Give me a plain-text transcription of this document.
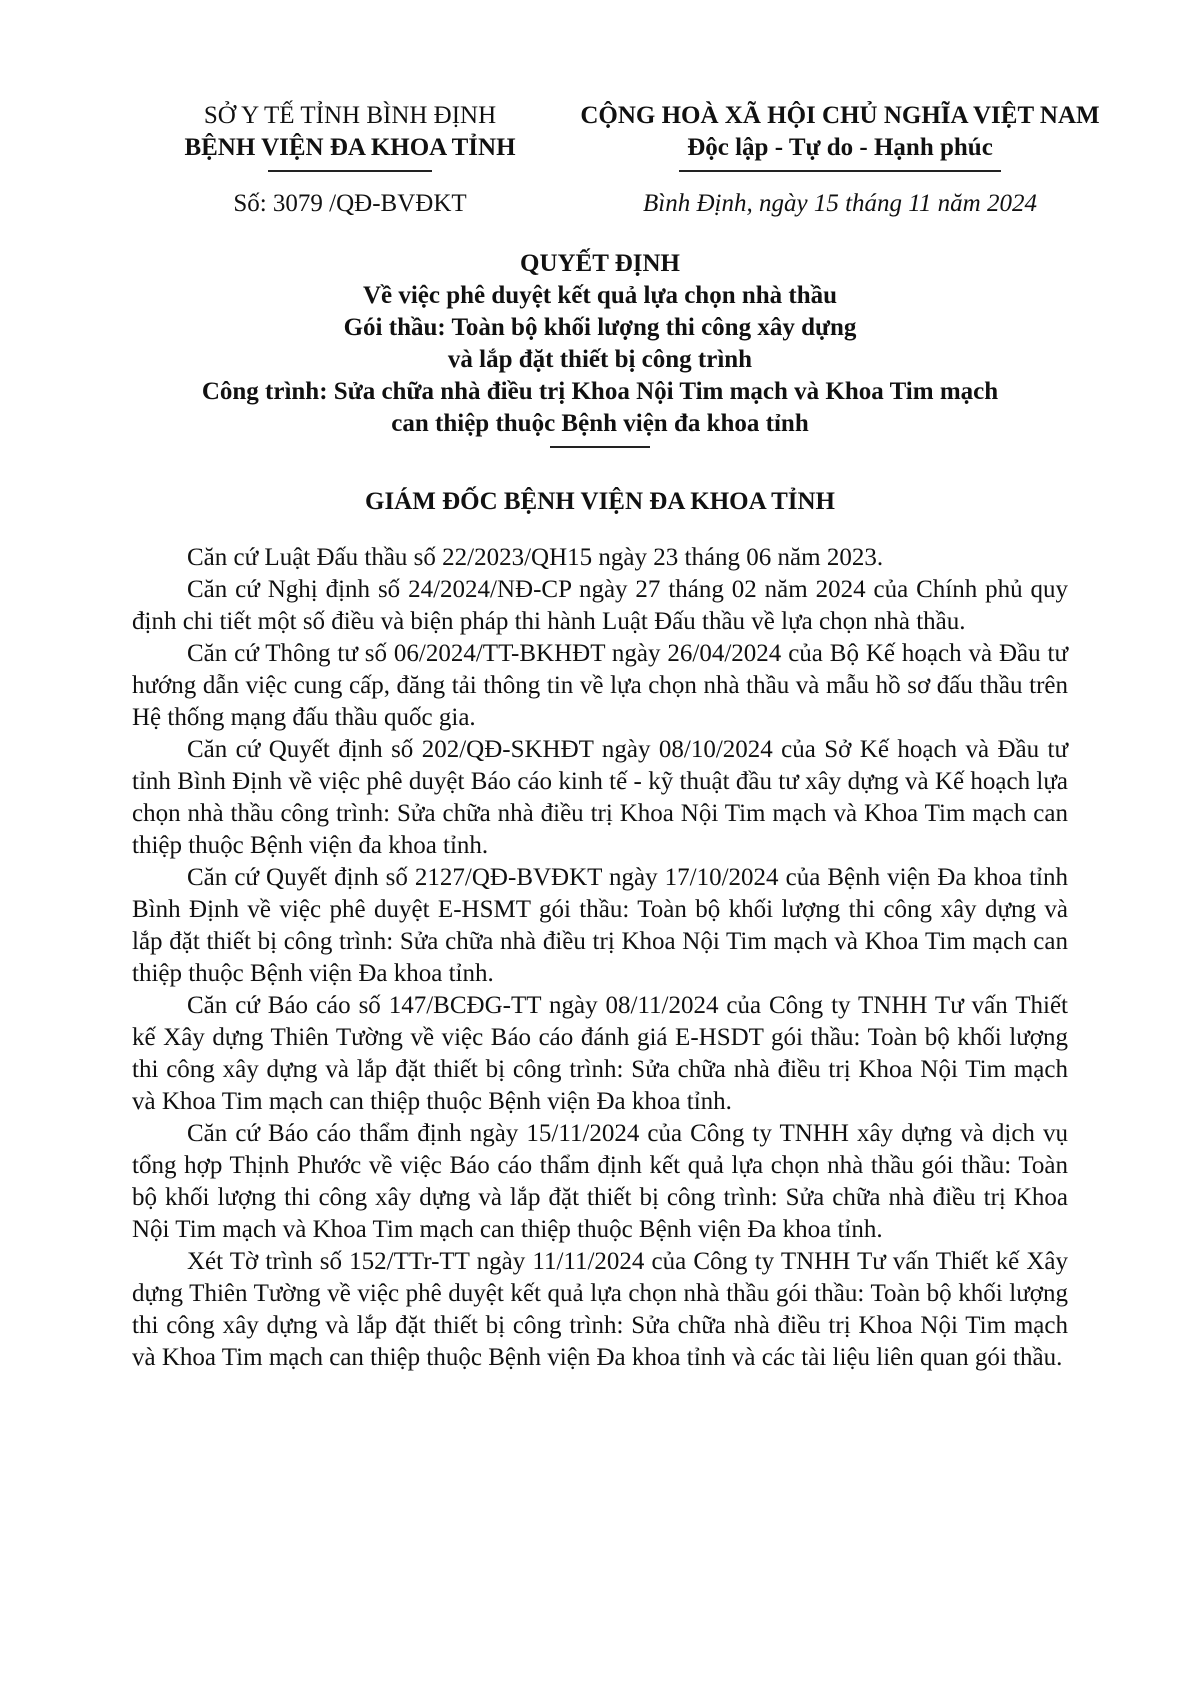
SỞ Y TẾ TỈNH BÌNH ĐỊNH
BỆNH VIỆN ĐA KHOA TỈNH
CỘNG HOÀ XÃ HỘI CHỦ NGHĨA VIỆT NAM
Độc lập - Tự do - Hạnh phúc
Số: 3079 /QĐ-BVĐKT	Bình Định, ngày 15 tháng 11 năm 2024
QUYẾT ĐỊNH
Về việc phê duyệt kết quả lựa chọn nhà thầu
Gói thầu: Toàn bộ khối lượng thi công xây dựng
và lắp đặt thiết bị công trình
Công trình: Sửa chữa nhà điều trị Khoa Nội Tim mạch và Khoa Tim mạch
can thiệp thuộc Bệnh viện đa khoa tỉnh
GIÁM ĐỐC BỆNH VIỆN ĐA KHOA TỈNH

Căn cứ Luật Đấu thầu số 22/2023/QH15 ngày 23 tháng 06 năm 2023.

Căn cứ Nghị định số 24/2024/NĐ-CP ngày 27 tháng 02 năm 2024 của Chính phủ quy định chi tiết một số điều và biện pháp thi hành Luật Đấu thầu về lựa chọn nhà thầu.

Căn cứ Thông tư số 06/2024/TT-BKHĐT ngày 26/04/2024 của Bộ Kế hoạch và Đầu tư hướng dẫn việc cung cấp, đăng tải thông tin về lựa chọn nhà thầu và mẫu hồ sơ đấu thầu trên Hệ thống mạng đấu thầu quốc gia.

Căn cứ Quyết định số 202/QĐ-SKHĐT ngày 08/10/2024 của Sở Kế hoạch và Đầu tư tỉnh Bình Định về việc phê duyệt Báo cáo kinh tế - kỹ thuật đầu tư xây dựng và Kế hoạch lựa chọn nhà thầu công trình: Sửa chữa nhà điều trị Khoa Nội Tim mạch và Khoa Tim mạch can thiệp thuộc Bệnh viện đa khoa tỉnh.

Căn cứ Quyết định số 2127/QĐ-BVĐKT ngày 17/10/2024 của Bệnh viện Đa khoa tỉnh Bình Định về việc phê duyệt E-HSMT gói thầu: Toàn bộ khối lượng thi công xây dựng và lắp đặt thiết bị công trình: Sửa chữa nhà điều trị Khoa Nội Tim mạch và Khoa Tim mạch can thiệp thuộc Bệnh viện Đa khoa tỉnh.

Căn cứ Báo cáo số 147/BCĐG-TT ngày 08/11/2024 của Công ty TNHH Tư vấn Thiết kế Xây dựng Thiên Tường về việc Báo cáo đánh giá E-HSDT gói thầu: Toàn bộ khối lượng thi công xây dựng và lắp đặt thiết bị công trình: Sửa chữa nhà điều trị Khoa Nội Tim mạch và Khoa Tim mạch can thiệp thuộc Bệnh viện Đa khoa tỉnh.

Căn cứ Báo cáo thẩm định ngày 15/11/2024 của Công ty TNHH xây dựng và dịch vụ tổng hợp Thịnh Phước về việc Báo cáo thẩm định kết quả lựa chọn nhà thầu gói thầu: Toàn bộ khối lượng thi công xây dựng và lắp đặt thiết bị công trình: Sửa chữa nhà điều trị Khoa Nội Tim mạch và Khoa Tim mạch can thiệp thuộc Bệnh viện Đa khoa tỉnh.

Xét Tờ trình số 152/TTr-TT ngày 11/11/2024 của Công ty TNHH Tư vấn Thiết kế Xây dựng Thiên Tường về việc phê duyệt kết quả lựa chọn nhà thầu gói thầu: Toàn bộ khối lượng thi công xây dựng và lắp đặt thiết bị công trình: Sửa chữa nhà điều trị Khoa Nội Tim mạch và Khoa Tim mạch can thiệp thuộc Bệnh viện Đa khoa tỉnh và các tài liệu liên quan gói thầu.
